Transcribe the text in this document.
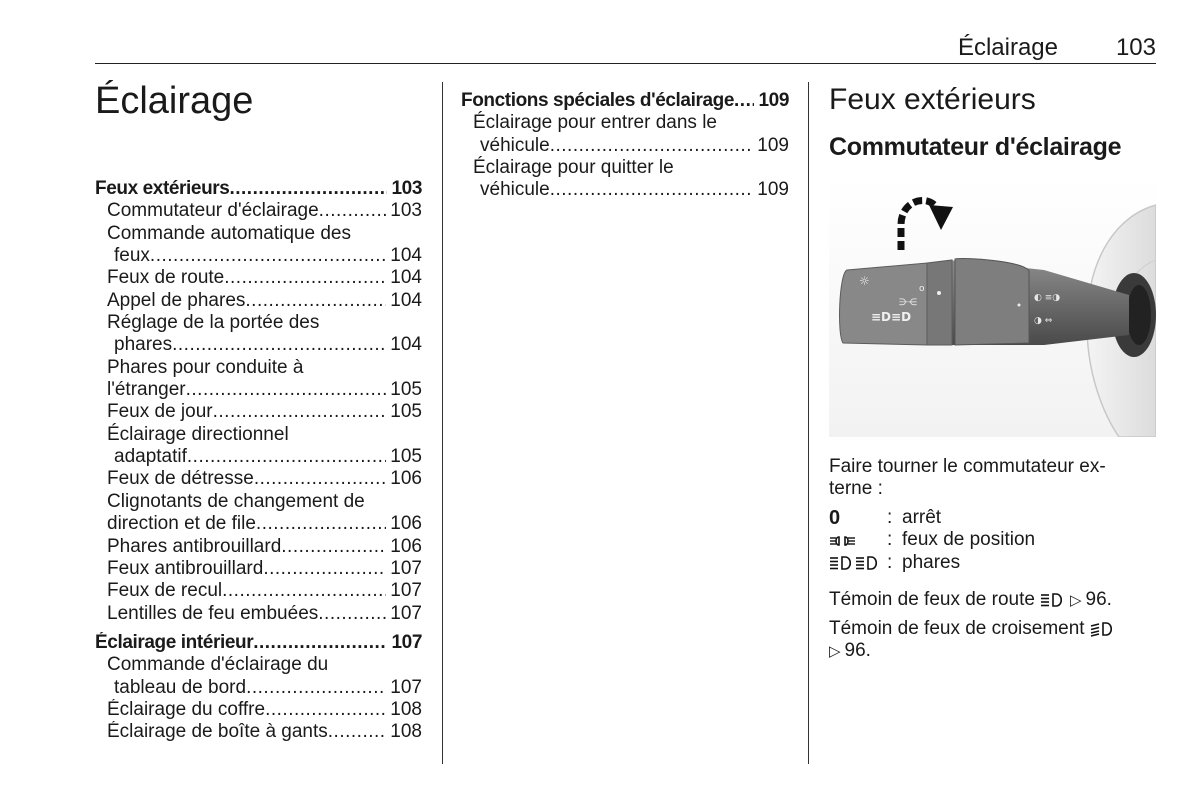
Éclairage 103
Éclairage
Feux extérieurs .....	103
Commutateur d'éclairage .....	103
Commande automatique des
feux .....	104
Feux de route .....	104
Appel de phares .....	104
Réglage de la portée des
phares .....	104
Phares pour conduite à
l'étranger .....	105
Feux de jour .....	105
Éclairage directionnel
adaptatif .....	105
Feux de détresse .....	106
Clignotants de changement de
direction et de file .....	106
Phares antibrouillard .....	106
Feux antibrouillard .....	107
Feux de recul .....	107
Lentilles de feu embuées .....	107
Éclairage intérieur .....	107
Commande d'éclairage du
tableau de bord .....	107
Éclairage du coffre .....	108
Éclairage de boîte à gants .....	108
Fonctions spéciales d'éclairage ..... 109
Éclairage pour entrer dans le
véhicule .....	109
Éclairage pour quitter le
véhicule .....	109
Feux extérieurs
Commutateur d'éclairage
☼
o
⋺⋲
≡D≡D
◐ ≡◑
◑ ⇔
Faire tourner le commutateur ex-
terne :
0 : arrêt
: feux de position
: phares
Témoin de feux de route ▷ 96.
Témoin de feux de croisement
▷ 96.
